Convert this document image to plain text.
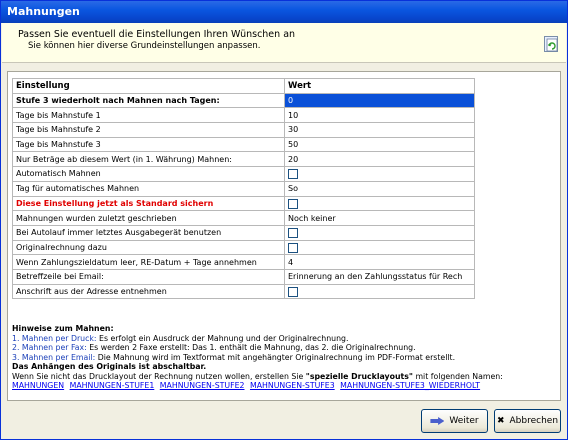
Mahnungen
Passen Sie eventuell die Einstellungen Ihren Wünschen an
Sie können hier diverse Grundeinstellungen anpassen.
Einstellung	Wert
Stufe 3 wiederholt nach Mahnen nach Tagen:	0
Tage bis Mahnstufe 1	10
Tage bis Mahnstufe 2	30
Tage bis Mahnstufe 3	50
Nur Beträge ab diesem Wert (in 1. Währung) Mahnen:	20
Automatisch Mahnen	
Tag für automatisches Mahnen	So
Diese Einstellung jetzt als Standard sichern	
Mahnungen wurden zuletzt geschrieben	Noch keiner
Bei Autolauf immer letztes Ausgabegerät benutzen	
Originalrechnung dazu	
Wenn Zahlungszieldatum leer, RE-Datum + Tage annehmen	4
Betreffzeile bei Email:	Erinnerung an den Zahlungsstatus für Rech
Anschrift aus der Adresse entnehmen	
Hinweise zum Mahnen:
1. Mahnen per Druck: Es erfolgt ein Ausdruck der Mahnung und der Originalrechnung.
2. Mahnen per Fax: Es werden 2 Faxe erstellt: Das 1. enthält die Mahnung, das 2. die Originalrechnung.
3. Mahnen per Email: Die Mahnung wird im Textformat mit angehängter Originalrechnung im PDF-Format erstellt.
Das Anhängen des Originals ist abschaltbar.
Wenn Sie nicht das Drucklayout der Rechnung nutzen wollen, erstellen Sie "spezielle Drucklayouts" mit folgenden Namen:
MAHNUNGEN MAHNUNGEN-STUFE1 MAHNUNGEN-STUFE2 MAHNUNGEN-STUFE3 MAHNUNGEN-STUFE3_WIEDERHOLT
Weiter ✖ Abbrechen
